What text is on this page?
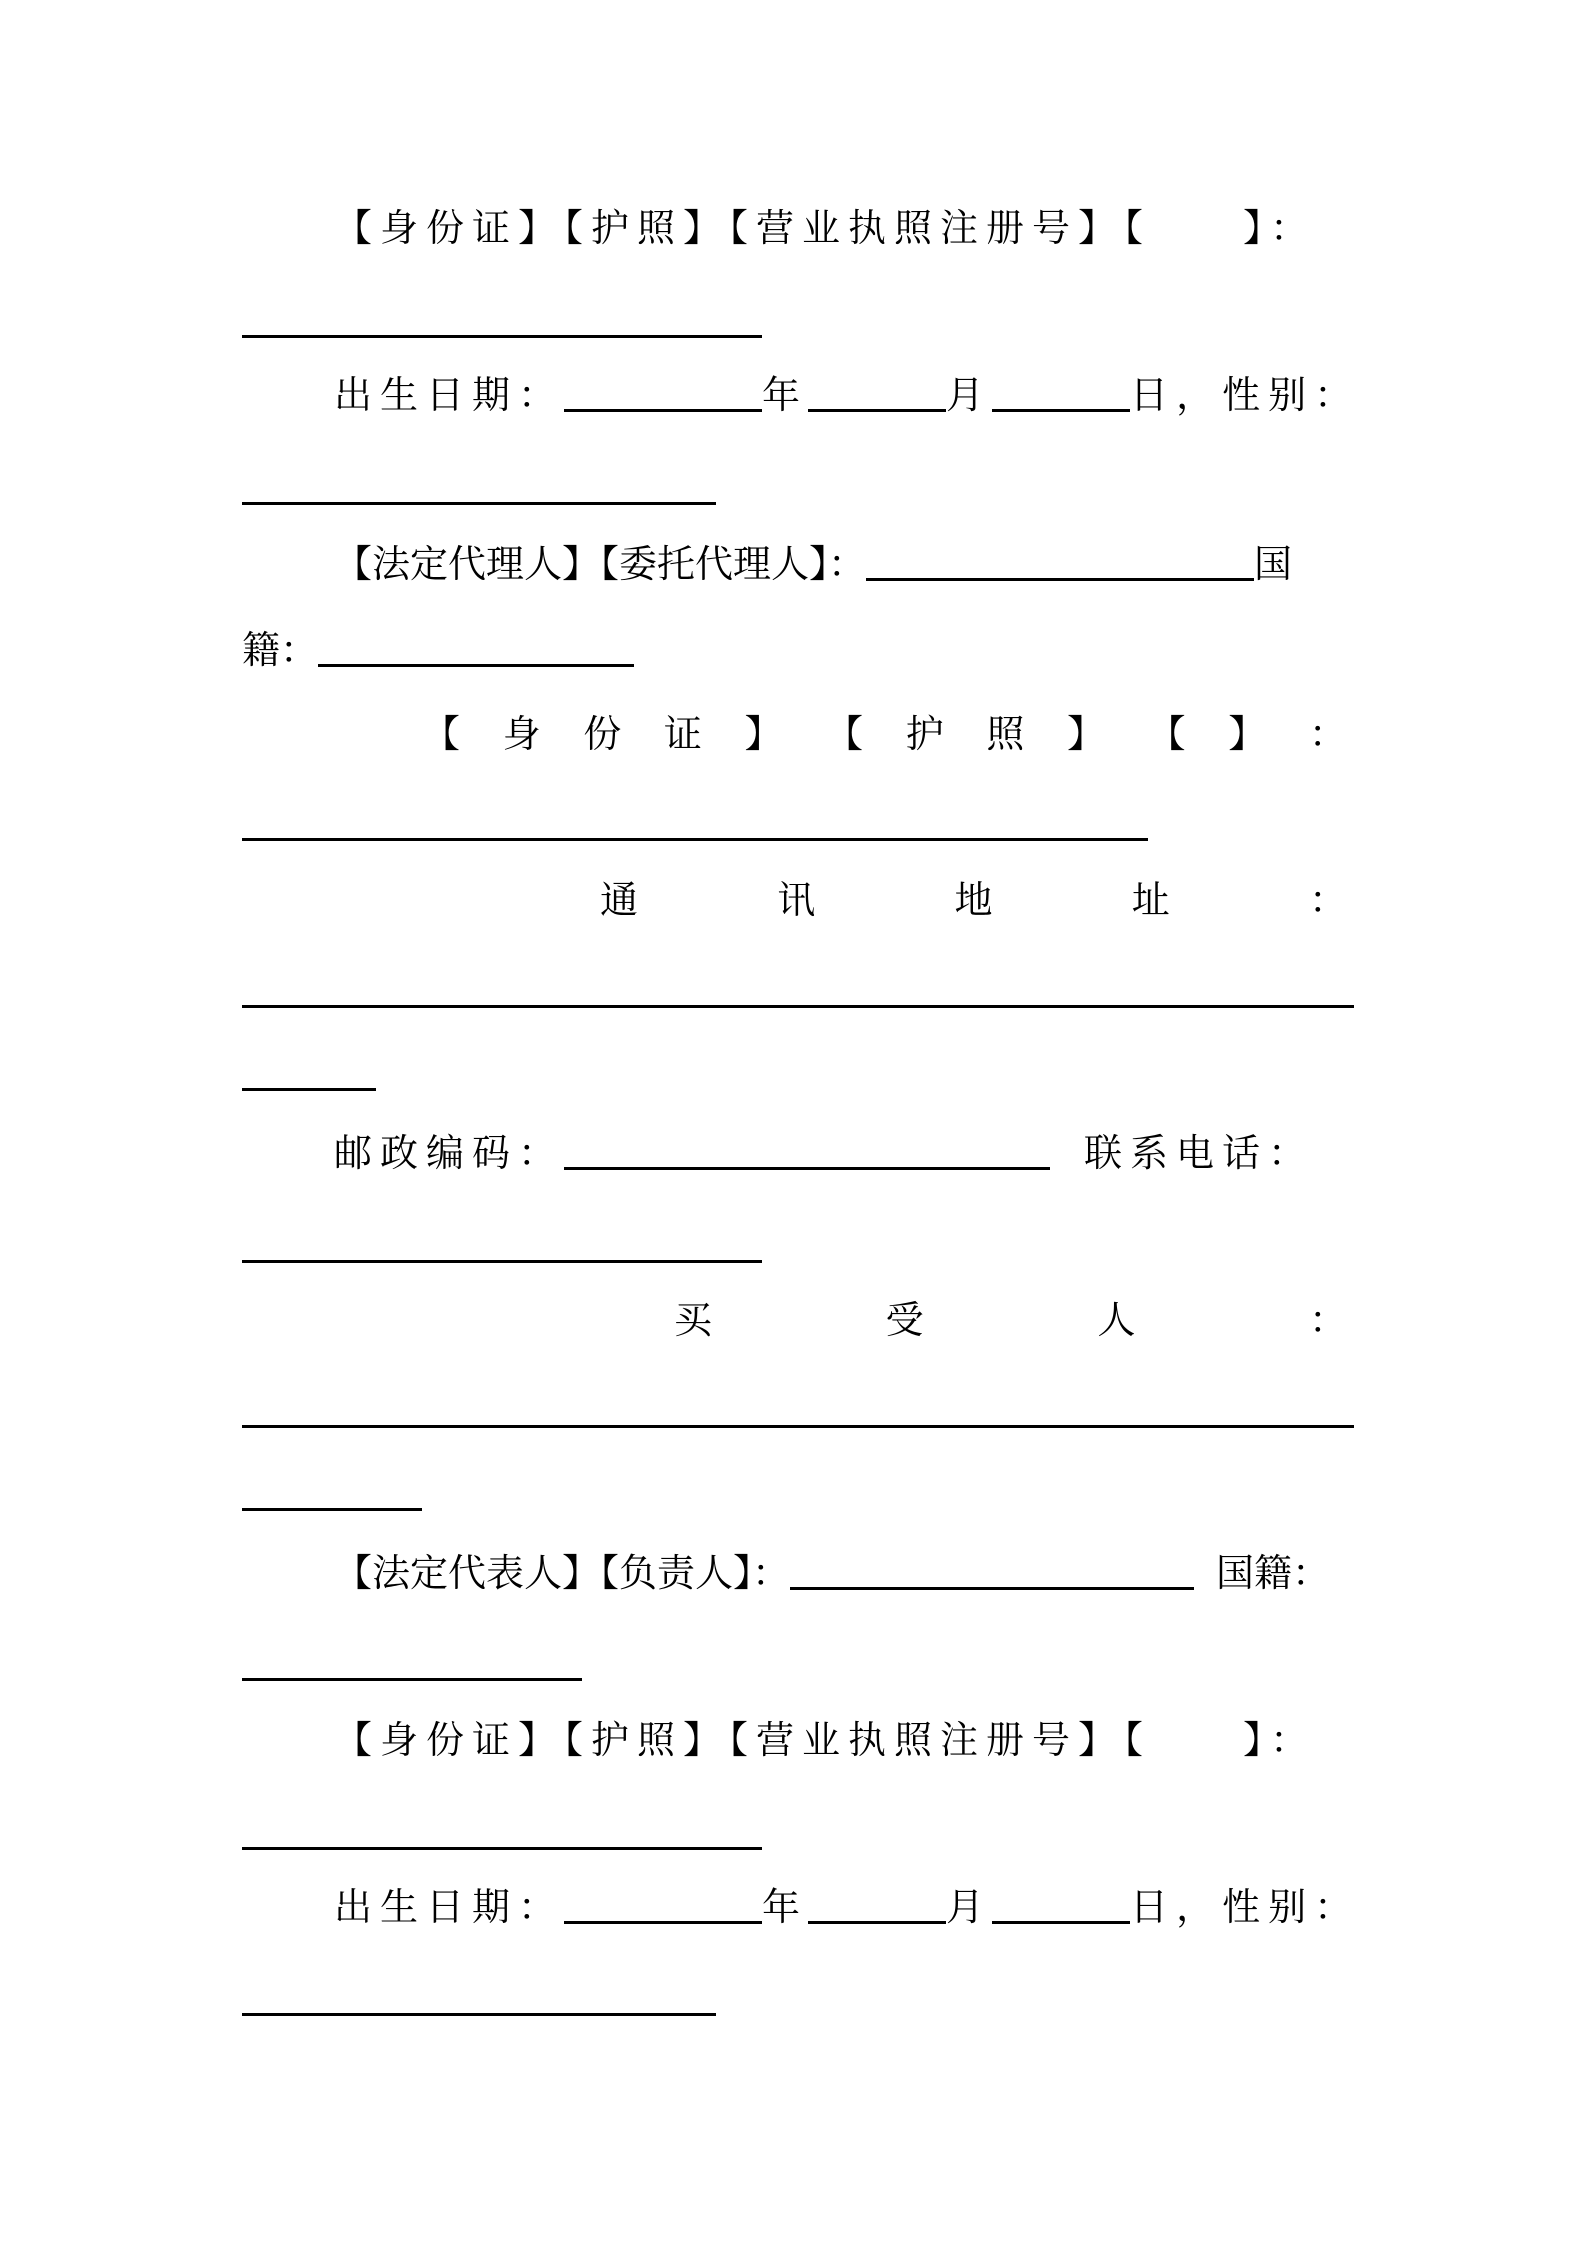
【身份证】【护照】【营业执照注册号】【　　】：
出生日期：	年	月	日，性别：
【法定代理人】【委托代理人】：	国
籍：
【 身 份 证 】 【 护 照 】 【 】 ：
通	讯	地	址	：
邮政编码：	联系电话：
买	受	人	：
【法定代表人】【负责人】：	国籍：
【身份证】【护照】【营业执照注册号】【　　】：
出生日期：	年	月	日，性别：
